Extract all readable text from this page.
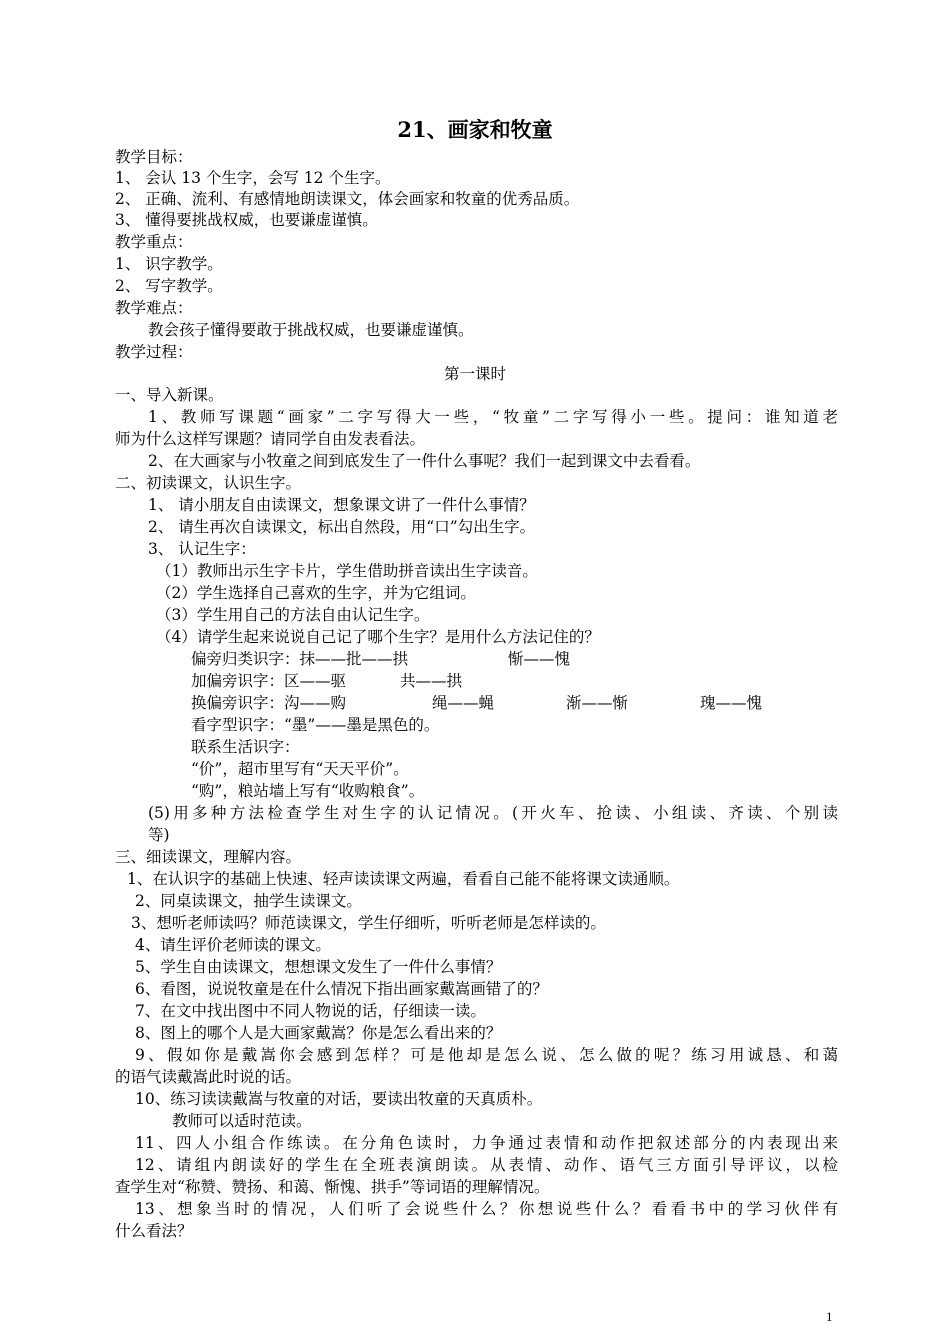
21、画家和牧童
教学目标：
1、 会认 13 个生字，会写 12 个生字。
2、 正确、流利、有感情地朗读课文，体会画家和牧童的优秀品质。
3、 懂得要挑战权威，也要谦虚谨慎。
教学重点：
1、 识字教学。
2、 写字教学。
教学难点：
教会孩子懂得要敢于挑战权威，也要谦虚谨慎。
教学过程：
第一课时
一、导入新课。
1、教师写课题“画家”二字写得大一些，“牧童”二字写得小一些。提问：谁知道老
师为什么这样写课题？请同学自由发表看法。
2、在大画家与小牧童之间到底发生了一件什么事呢？我们一起到课文中去看看。
二、初读课文，认识生字。
1、 请小朋友自由读课文，想象课文讲了一件什么事情？
2、 请生再次自读课文，标出自然段，用“口”勾出生字。
3、 认记生字：
（1）教师出示生字卡片，学生借助拼音读出生字读音。
（2）学生选择自己喜欢的生字，并为它组词。
（3）学生用自己的方法自由认记生字。
（4）请学生起来说说自己记了哪个生字？是用什么方法记住的？
偏旁归类识字：抹——批——拱	惭——愧
加偏旁识字：区——驱	共——拱
换偏旁识字：沟——购	绳——蝇	渐——惭	瑰——愧
看字型识字：“墨”——墨是黑色的。
联系生活识字：
“价”，超市里写有“天天平价”。
“购”，粮站墙上写有“收购粮食”。
(5)用多种方法检查学生对生字的认记情况。(开火车、抢读、小组读、齐读、个别读
等)
三、细读课文，理解内容。
1、在认识字的基础上快速、轻声读读课文两遍，看看自己能不能将课文读通顺。
2、同桌读课文，抽学生读课文。
3、想听老师读吗？师范读课文，学生仔细听，听听老师是怎样读的。
4、请生评价老师读的课文。
5、学生自由读课文，想想课文发生了一件什么事情？
6、看图，说说牧童是在什么情况下指出画家戴嵩画错了的？
7、在文中找出图中不同人物说的话，仔细读一读。
8、图上的哪个人是大画家戴嵩？你是怎么看出来的？
9、假如你是戴嵩你会感到怎样？可是他却是怎么说、怎么做的呢？练习用诚恳、和蔼
的语气读戴嵩此时说的话。
10、练习读读戴嵩与牧童的对话，要读出牧童的天真质朴。
教师可以适时范读。
11、四人小组合作练读。在分角色读时，力争通过表情和动作把叙述部分的内表现出来
12、请组内朗读好的学生在全班表演朗读。从表情、动作、语气三方面引导评议，以检
查学生对“称赞、赞扬、和蔼、惭愧、拱手”等词语的理解情况。
13、想象当时的情况，人们听了会说些什么？你想说些什么？看看书中的学习伙伴有
什么看法？
1
